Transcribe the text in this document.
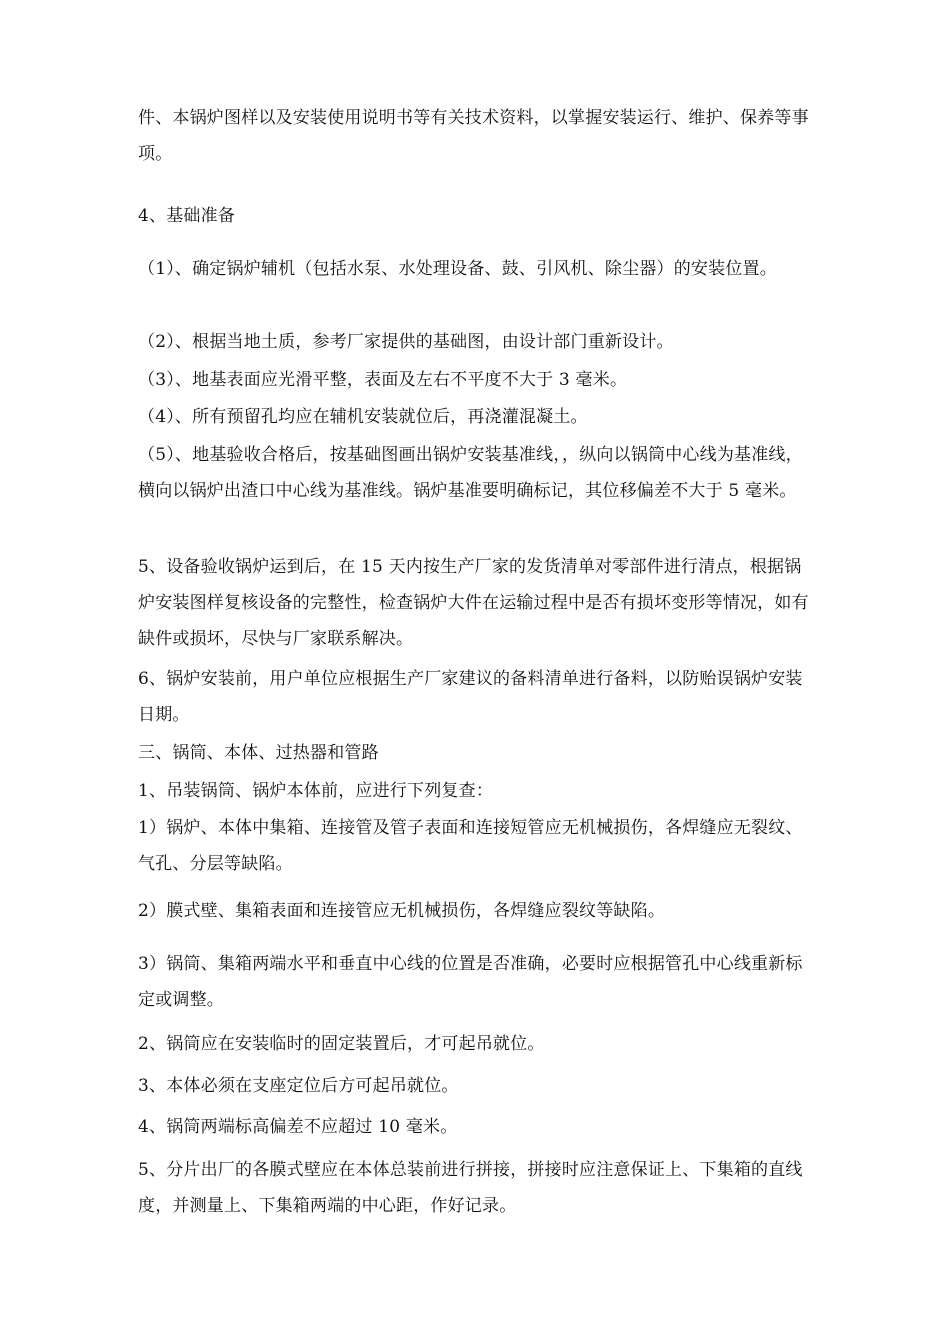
件、本锅炉图样以及安装使用说明书等有关技术资料，以掌握安装运行、维护、保养等事项。

4、基础准备

（1）、确定锅炉辅机（包括水泵、水处理设备、鼓、引风机、除尘器）的安装位置。

（2）、根据当地土质，参考厂家提供的基础图，由设计部门重新设计。

（3）、地基表面应光滑平整，表面及左右不平度不大于 3 毫米。

（4）、所有预留孔均应在辅机安装就位后，再浇灌混凝土。

（5）、地基验收合格后，按基础图画出锅炉安装基准线，，纵向以锅筒中心线为基准线，横向以锅炉出渣口中心线为基准线。锅炉基准要明确标记，其位移偏差不大于 5 毫米。

5、设备验收锅炉运到后，在 15 天内按生产厂家的发货清单对零部件进行清点，根据锅炉安装图样复核设备的完整性，检查锅炉大件在运输过程中是否有损坏变形等情况，如有缺件或损坏，尽快与厂家联系解决。

6、锅炉安装前，用户单位应根据生产厂家建议的备料清单进行备料，以防贻误锅炉安装日期。

三、锅筒、本体、过热器和管路

1、吊装锅筒、锅炉本体前，应进行下列复查：

1）锅炉、本体中集箱、连接管及管子表面和连接短管应无机械损伤，各焊缝应无裂纹、气孔、分层等缺陷。

2）膜式壁、集箱表面和连接管应无机械损伤，各焊缝应裂纹等缺陷。

3）锅筒、集箱两端水平和垂直中心线的位置是否准确，必要时应根据管孔中心线重新标定或调整。

2、锅筒应在安装临时的固定装置后，才可起吊就位。

3、本体必须在支座定位后方可起吊就位。

4、锅筒两端标高偏差不应超过 10 毫米。

5、分片出厂的各膜式壁应在本体总装前进行拼接，拼接时应注意保证上、下集箱的直线度，并测量上、下集箱两端的中心距，作好记录。
